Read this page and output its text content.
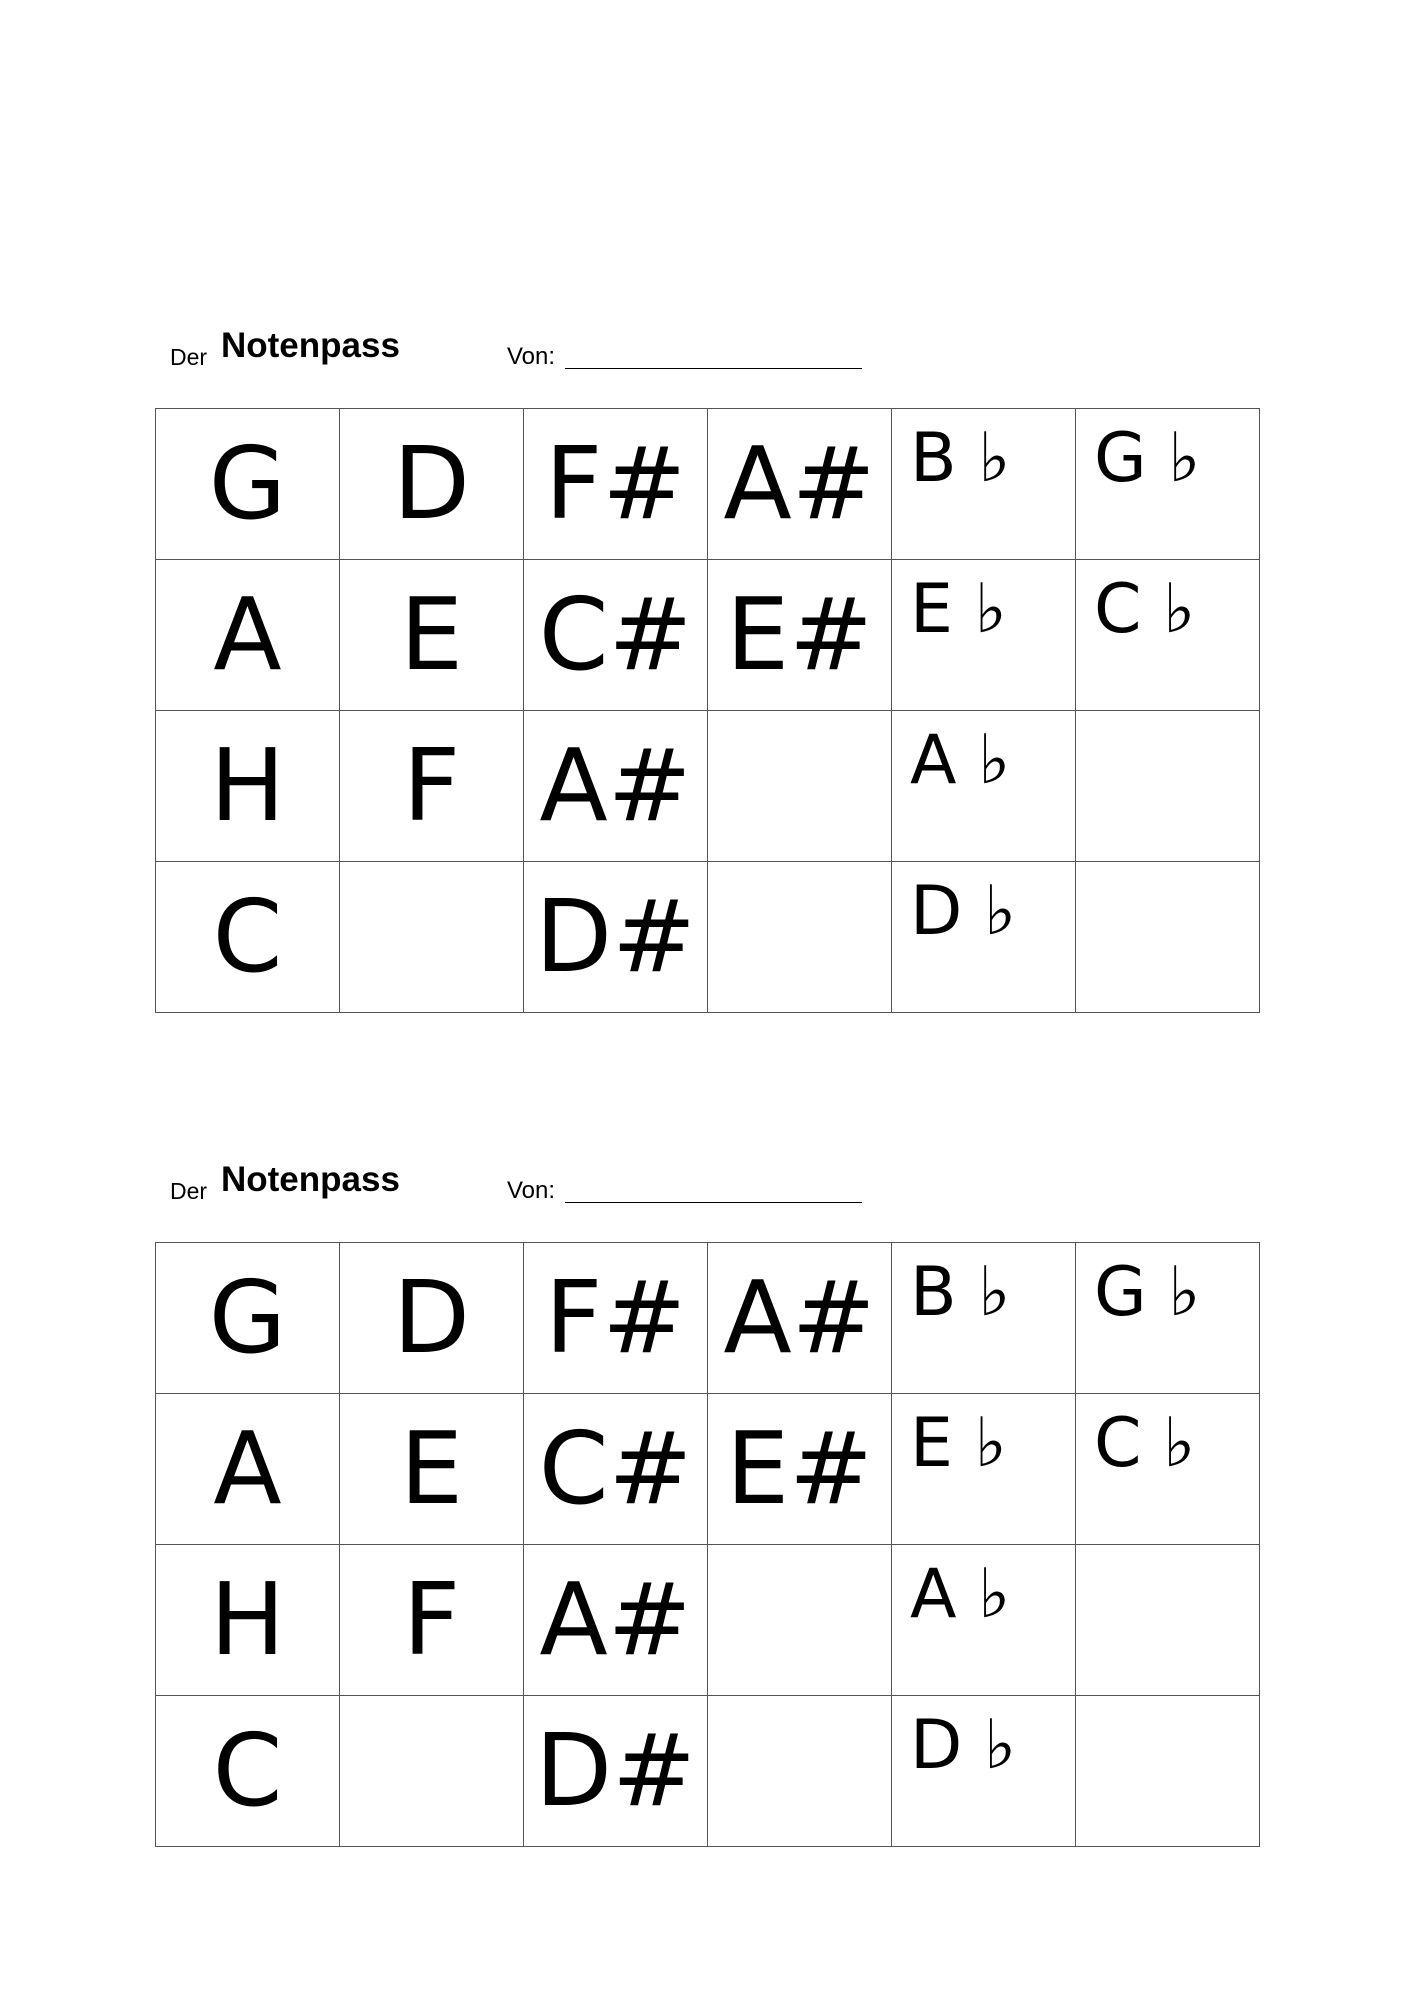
Der Notenpass	Von:
G	D	F#	A#	B ♭	G ♭

A	E	C#	E#	E ♭	C ♭

H	F	A#		A ♭	

C		D#		D ♭	

Der Notenpass	Von:
G	D	F#	A#	B ♭	G ♭

A	E	C#	E#	E ♭	C ♭

H	F	A#		A ♭	

C		D#		D ♭	
